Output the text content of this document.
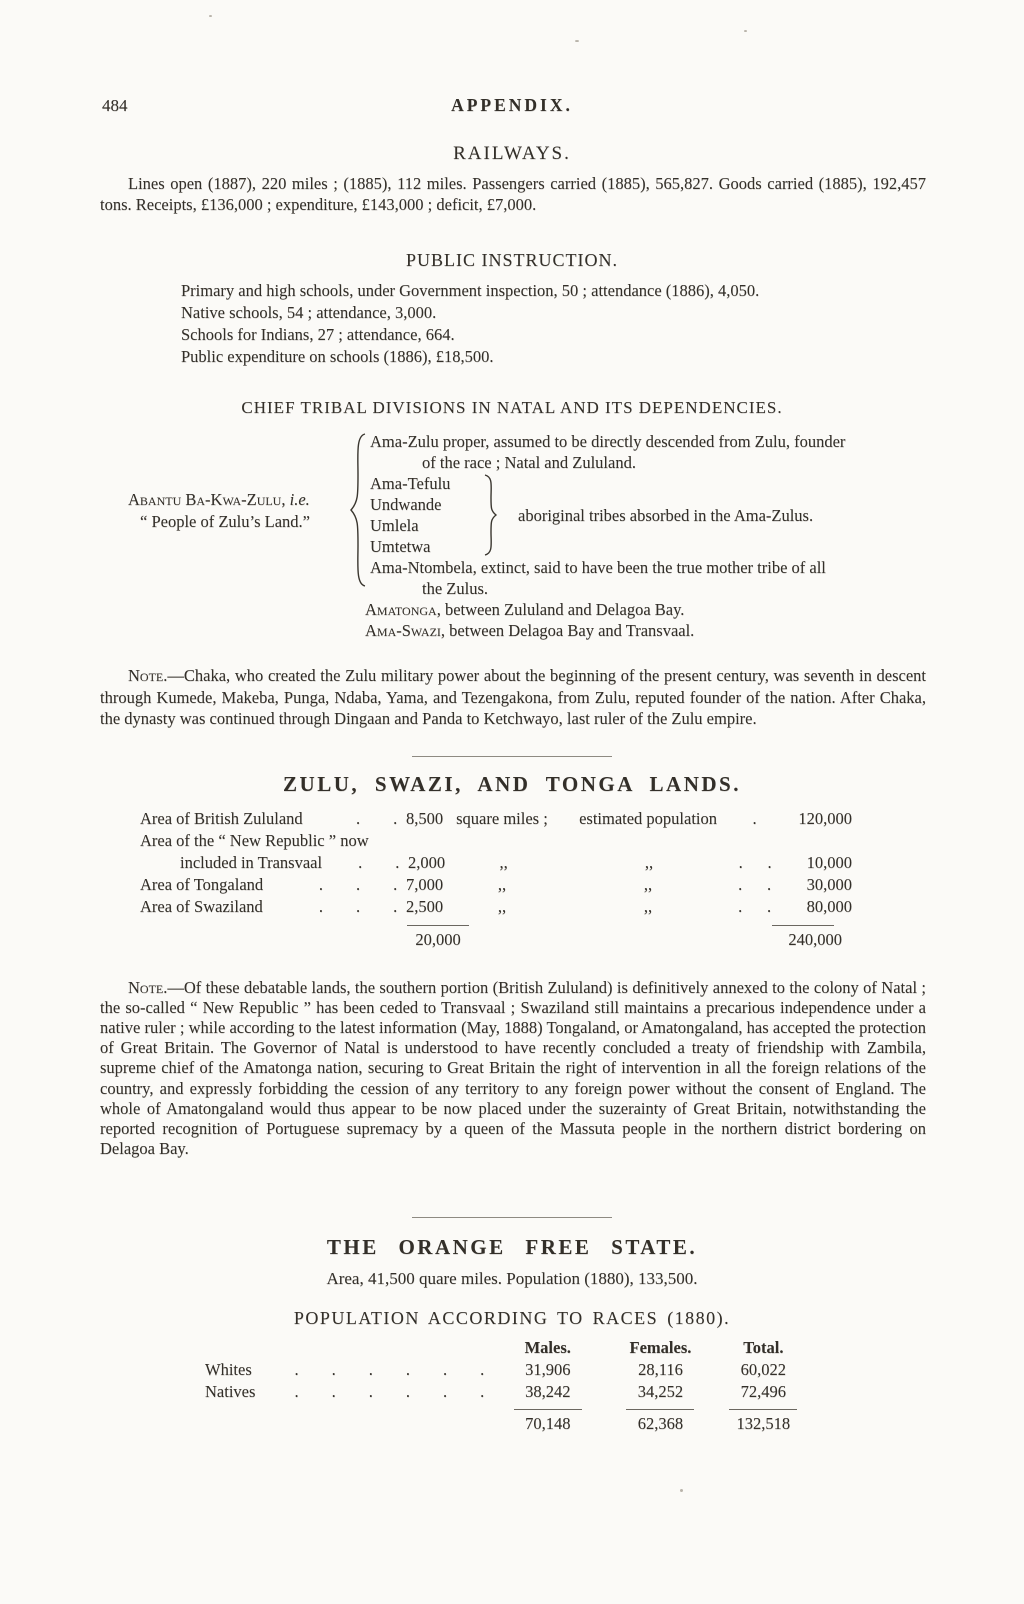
484	APPENDIX.
RAILWAYS.

Lines open (1887), 220 miles ; (1885), 112 miles. Passengers carried (1885), 565,827. Goods carried (1885), 192,457 tons. Receipts, £136,000 ; expenditure, £143,000 ; deficit, £7,000.

PUBLIC INSTRUCTION.
Primary and high schools, under Government inspection, 50 ; attendance (1886), 4,050.
Native schools, 54 ; attendance, 3,000.
Schools for Indians, 27 ; attendance, 664.
Public expenditure on schools (1886), £18,500.
CHIEF TRIBAL DIVISIONS IN NATAL AND ITS DEPENDENCIES.
Abantu Ba-Kwa-Zulu, i.e.
“ People of Zulu’s Land.”
Ama-Zulu proper, assumed to be directly descended from Zulu, founder
of the race ; Natal and Zululand.
Ama-Tefulu
Undwande
Umlela
Umtetwa
aboriginal tribes absorbed in the Ama-Zulus.
Ama-Ntombela, extinct, said to have been the true mother tribe of all
the Zulus.
Amatonga, between Zululand and Delagoa Bay.
Ama-Swazi, between Delagoa Bay and Transvaal.

Note.—Chaka, who created the Zulu military power about the beginning of the present century, was seventh in descent through Kumede, Makeba, Punga, Ndaba, Yama, and Tezengakona, from Zulu, reputed founder of the nation. After Chaka, the dynasty was continued through Dingaan and Panda to Ketchwayo, last ruler of the Zulu empire.

ZULU, SWAZI, AND TONGA LANDS.
Area of British Zululand	.        . 8,500 square miles ;	estimated population	.	120,000
Area of the “ New Republic ” now
included in Transvaal .        . 2,000	,,	,,	.      .	10,000
Area of Tongaland	.        .        . 7,000	,,	,,	.      .	30,000
Area of Swaziland	.        .        . 2,500	,,	,,	.      .	80,000
20,000	240,000

Note.—Of these debatable lands, the southern portion (British Zululand) is definitively annexed to the colony of Natal ; the so-called “ New Republic ” has been ceded to Transvaal ; Swaziland still maintains a precarious independence under a native ruler ; while according to the latest information (May, 1888) Tongaland, or Amatongaland, has accepted the protection of Great Britain. The Governor of Natal is understood to have recently concluded a treaty of friendship with Zambila, supreme chief of the Amatonga nation, securing to Great Britain the right of intervention in all the foreign relations of the country, and expressly forbidding the cession of any territory to any foreign power without the consent of England. The whole of Amatongaland would thus appear to be now placed under the suzerainty of Great Britain, notwithstanding the reported recognition of Portuguese supremacy by a queen of the Massuta people in the northern district bordering on Delagoa Bay.

THE ORANGE FREE STATE.
Area, 41,500 quare miles. Population (1880), 133,500.
POPULATION ACCORDING TO RACES (1880).
Males.	Females.	Total.
Whites	.        .        .        .        .        .	31,906	28,116	60,022
Natives .        .        .        .        .        .	38,242	34,252	72,496
70,148	62,368	132,518
